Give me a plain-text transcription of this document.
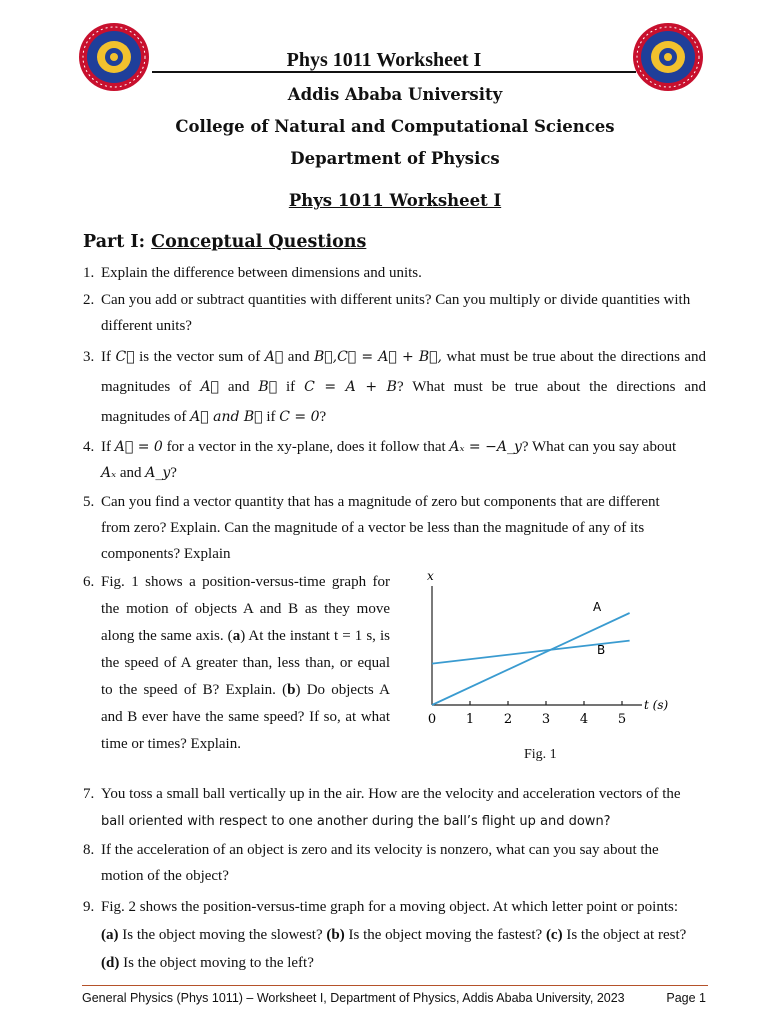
Phys 1011 Worksheet I
Addis Ababa University
College of Natural and Computational Sciences
Department of Physics
Phys 1011 Worksheet I
Part I: Conceptual Questions
1. Explain the difference between dimensions and units.
2. Can you add or subtract quantities with different units? Can you multiply or divide quantities with
different units?
3. If C⃗ is the vector sum of A⃗ and B⃗,C⃗ = A⃗ + B⃗, what must be true about the directions and
magnitudes of A⃗ and B⃗ if C = A + B? What must be true about the directions and
magnitudes of A⃗ and B⃗ if C = 0?
4. If A⃗ = 0 for a vector in the xy-plane, does it follow that Aₓ = −A_y? What can you say about
Aₓ and A_y?
5. Can you find a vector quantity that has a magnitude of zero but components that are different
from zero? Explain. Can the magnitude of a vector be less than the magnitude of any of its
components? Explain
6. Fig. 1 shows a position-versus-time graph for
the motion of objects A and B as they move
along the same axis. (a) At the instant t = 1 s, is
the speed of A greater than, less than, or equal
to the speed of B? Explain. (b) Do objects A
and B ever have the same speed? If so, at what
time or times? Explain.
x
t (s)
0 1 2 3 4 5
A
B
Fig. 1
7. You toss a small ball vertically up in the air. How are the velocity and acceleration vectors of the
ball oriented with respect to one another during the ball’s flight up and down?
8. If the acceleration of an object is zero and its velocity is nonzero, what can you say about the
motion of the object?
9. Fig. 2 shows the position-versus-time graph for a moving object. At which letter point or points:
(a) Is the object moving the slowest? (b) Is the object moving the fastest? (c) Is the object at rest?
(d) Is the object moving to the left?
General Physics (Phys 1011) – Worksheet I, Department of Physics, Addis Ababa University, 2023	Page 1
